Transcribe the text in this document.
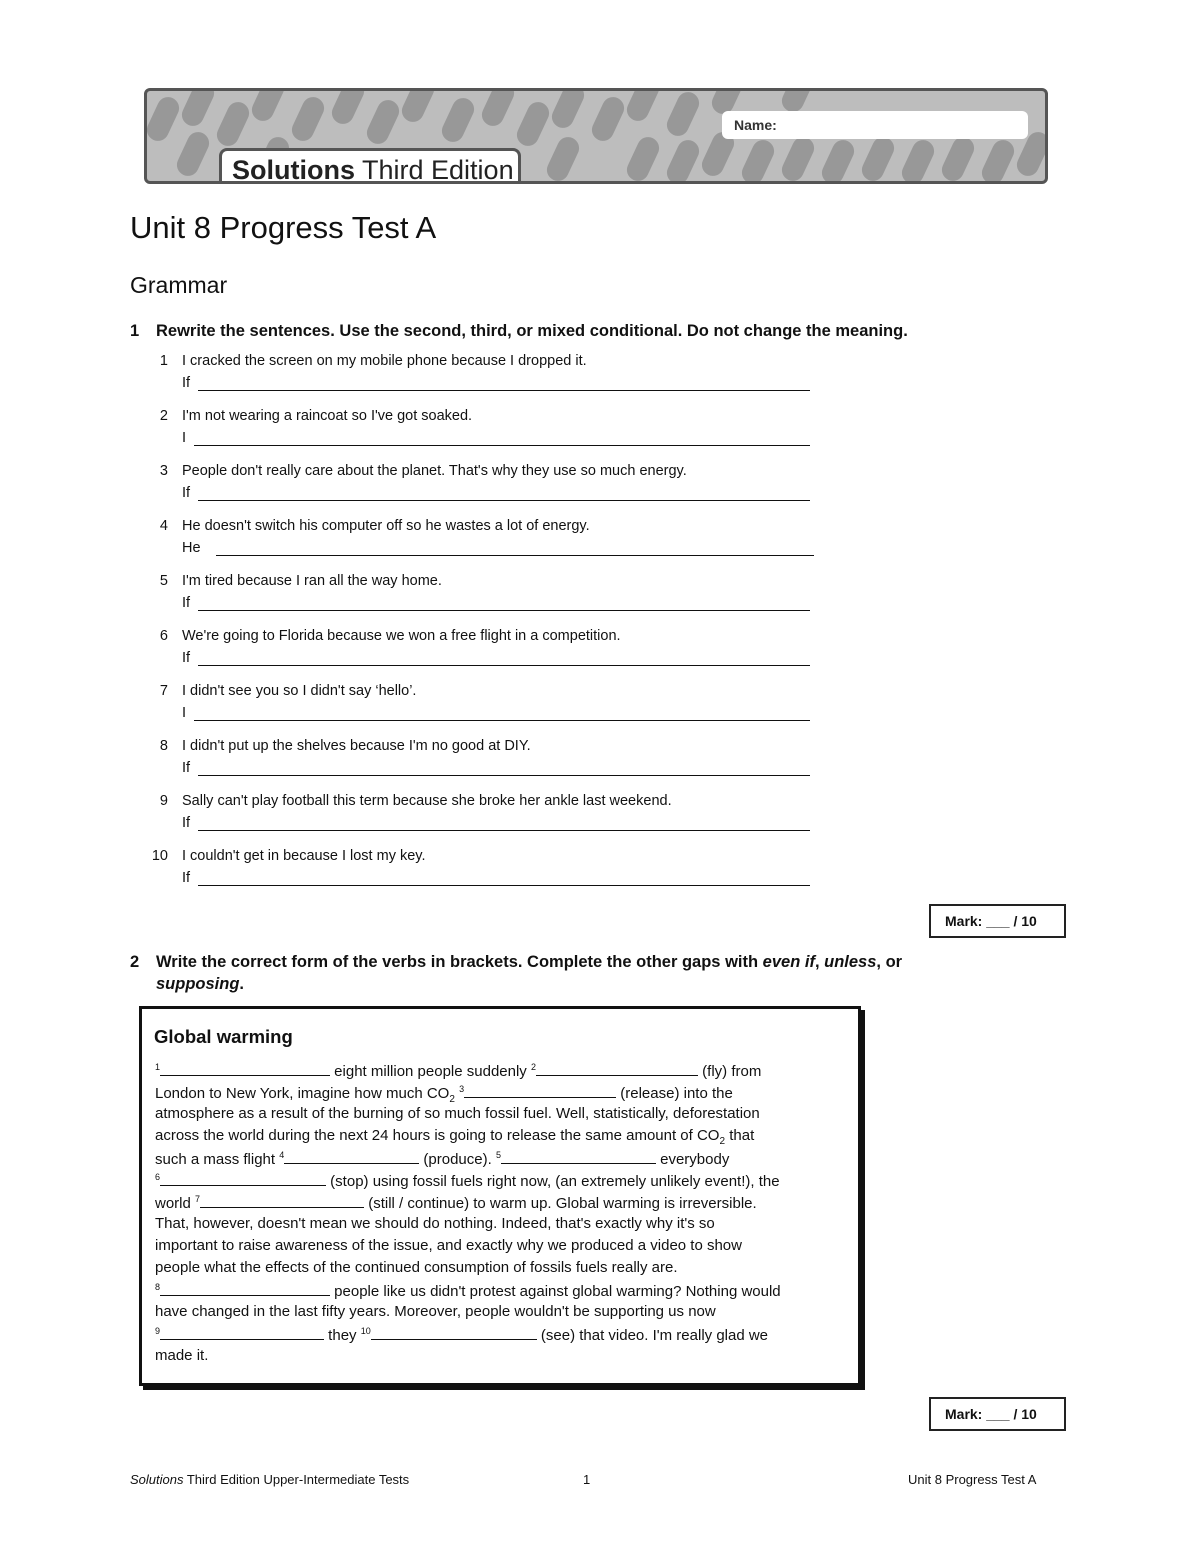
Name:
Solutions Third Edition
Unit 8 Progress Test A
Grammar
1 Rewrite the sentences. Use the second, third, or mixed conditional. Do not change the meaning.
1 I cracked the screen on my mobile phone because I dropped it.
If
2 I'm not wearing a raincoat so I've got soaked.
I
3 People don't really care about the planet. That's why they use so much energy.
If
4 He doesn't switch his computer off so he wastes a lot of energy.
He
5 I'm tired because I ran all the way home.
If
6 We're going to Florida because we won a free flight in a competition.
If
7 I didn't see you so I didn't say ‘hello’.
I
8 I didn't put up the shelves because I'm no good at DIY.
If
9 Sally can't play football this term because she broke her ankle last weekend.
If
10 I couldn't get in because I lost my key.
If
Mark: ___ / 10
2 Write the correct form of the verbs in brackets. Complete the other gaps with even if, unless, or
supposing.
Global warming
$^1$	eight million people suddenly $^2$	(fly) from
London to New York, imagine how much $CO_2$ $^3$	(release) into the
atmosphere as a result of the burning of so much fossil fuel. Well, statistically, deforestation
across the world during the next 24 hours is going to release the same amount of $CO_2$ that
such a mass flight $^4$	(produce). $^5$	everybody
$^6$	(stop) using fossil fuels right now, (an extremely unlikely event!), the
world $^7$	(still / continue) to warm up. Global warming is irreversible.
That, however, doesn't mean we should do nothing. Indeed, that's exactly why it's so
important to raise awareness of the issue, and exactly why we produced a video to show
people what the effects of the continued consumption of fossils fuels really are.
$^8$	people like us didn't protest against global warming? Nothing would
have changed in the last fifty years. Moreover, people wouldn't be supporting us now
$^9$	they $^{10}$	(see) that video. I'm really glad we
made it.
Mark: ___ / 10
Solutions Third Edition Upper-Intermediate Tests	1	Unit 8 Progress Test A
